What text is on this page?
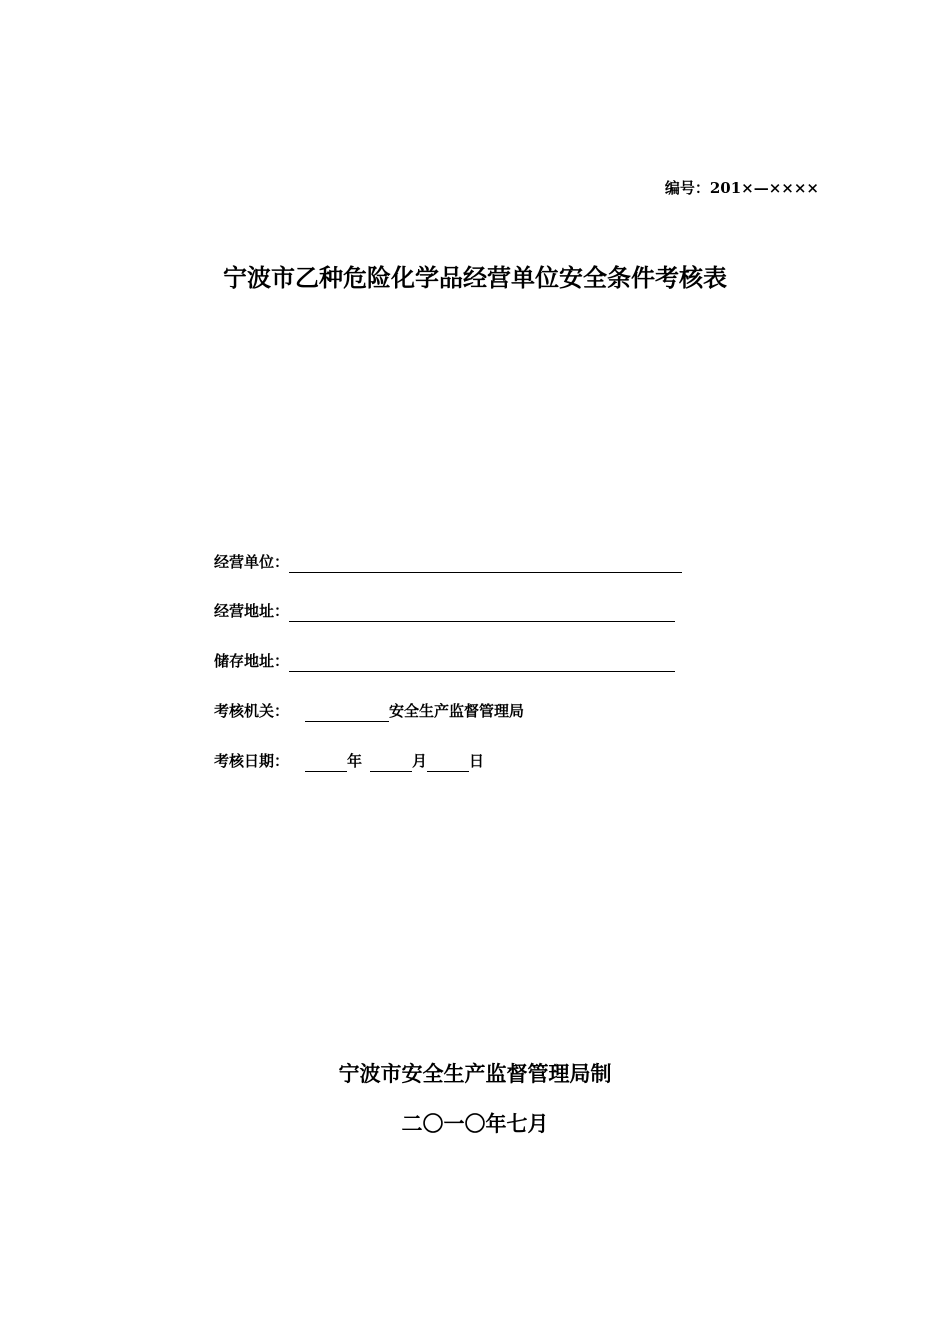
编号：201×—××××
宁波市乙种危险化学品经营单位安全条件考核表
经营单位：
经营地址：
储存地址：
考核机关：	安全生产监督管理局
考核日期：	年	月	日
宁波市安全生产监督管理局制
二〇一〇年七月
